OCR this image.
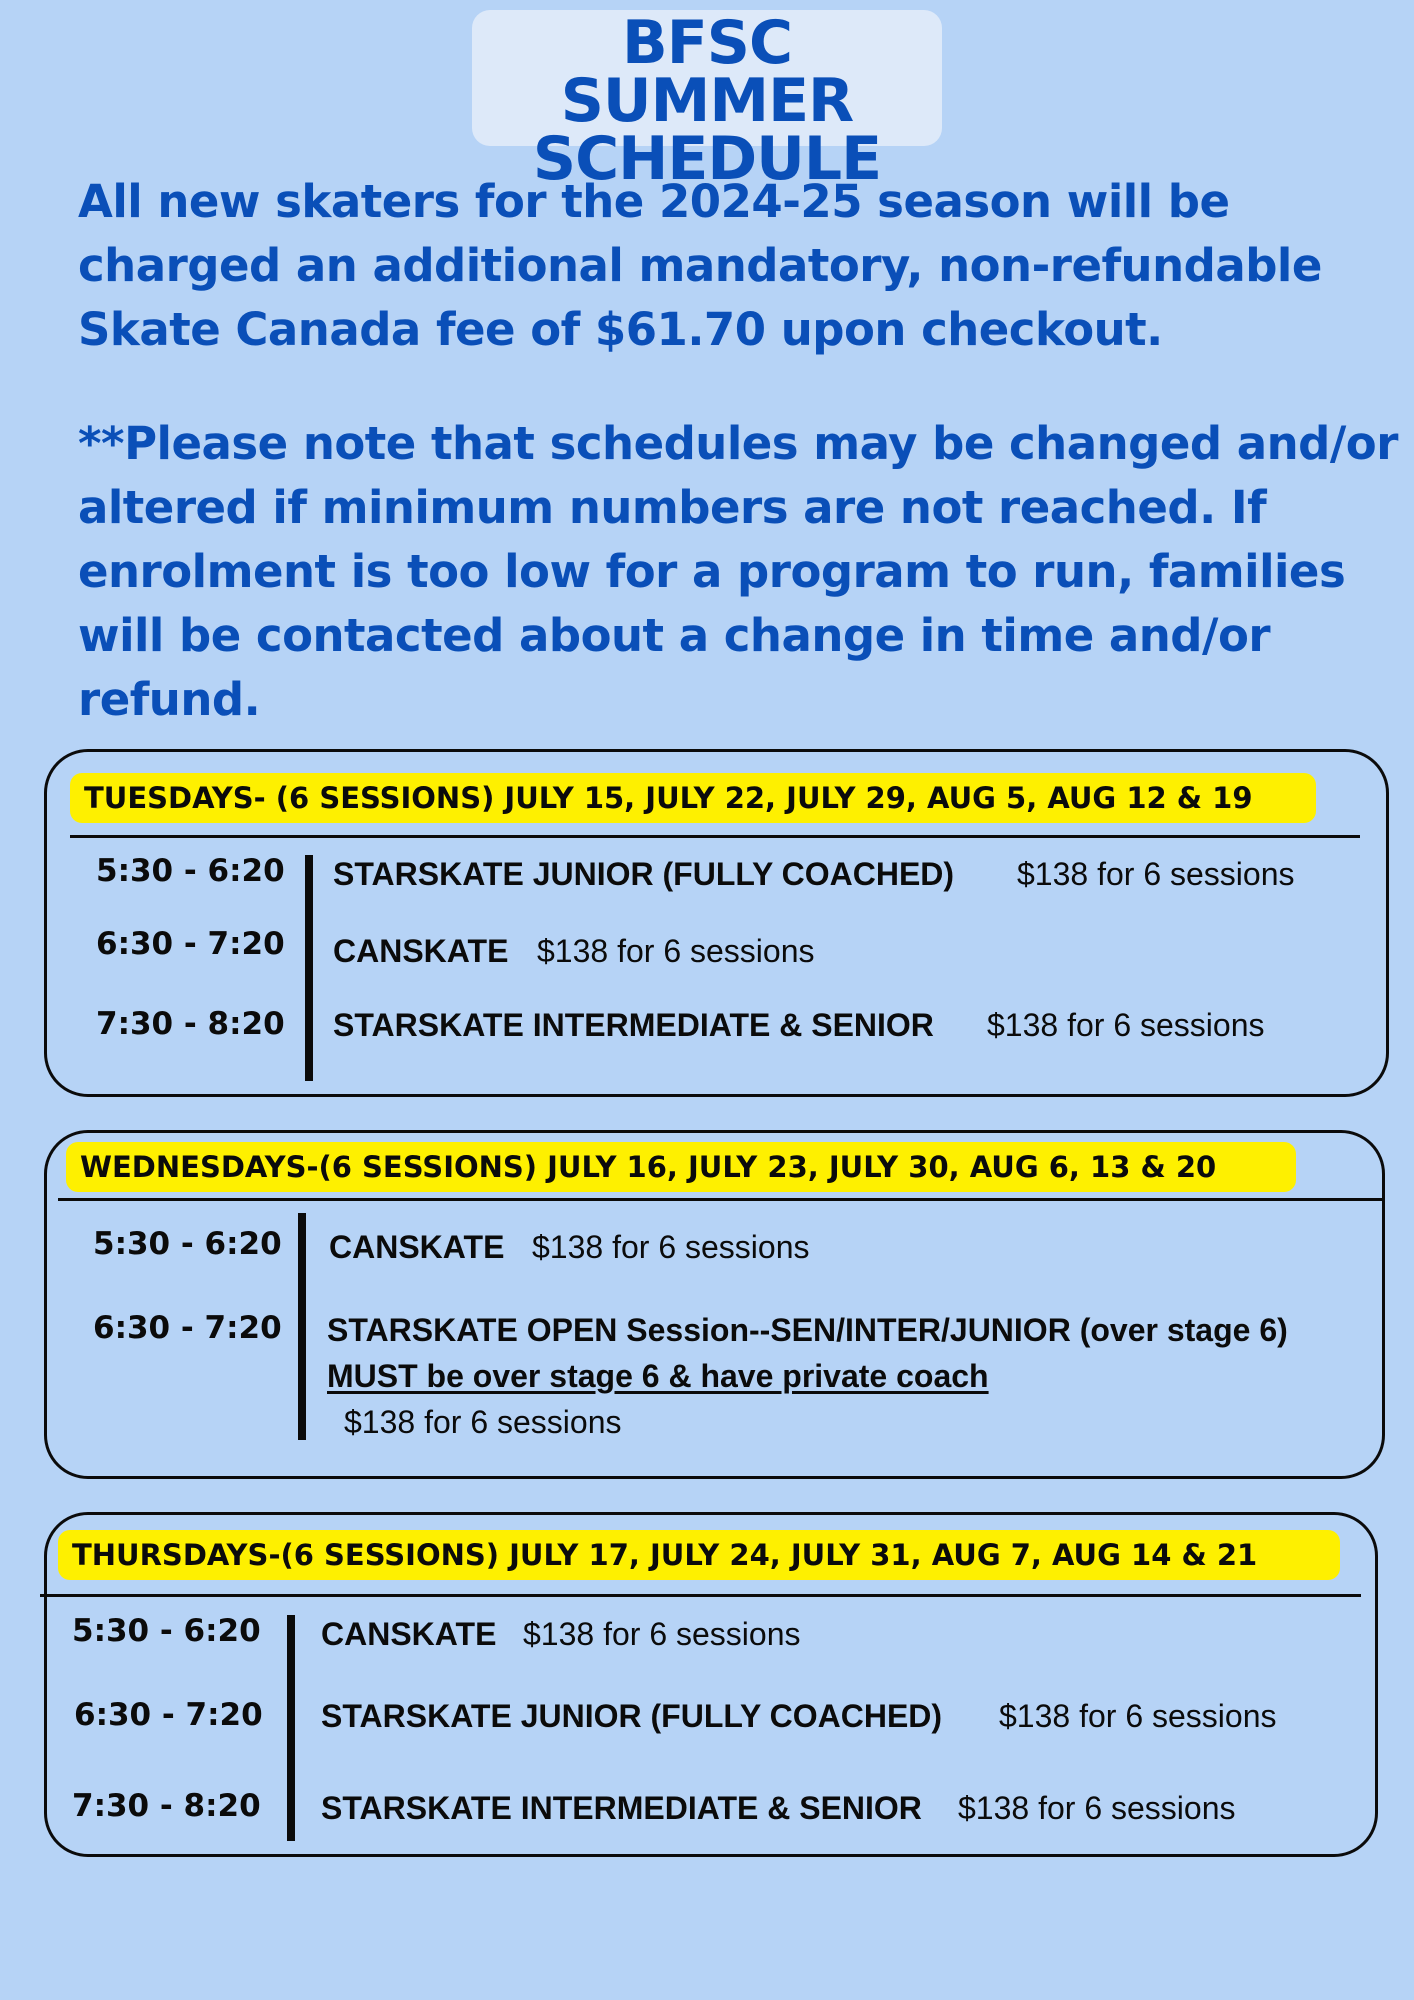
BFSC SUMMER
SCHEDULE
All new skaters for the 2024-25 season will be
charged an additional mandatory, non-refundable
Skate Canada fee of $61.70 upon checkout.
**Please note that schedules may be changed and/or
altered if minimum numbers are not reached. If
enrolment is too low for a program to run, families
will be contacted about a change in time and/or
refund.
TUESDAYS- (6 SESSIONS) JULY 15, JULY 22, JULY 29, AUG 5, AUG 12 & 19
5:30 - 6:20 STARSKATE JUNIOR (FULLY COACHED) $138 for 6 sessions
6:30 - 7:20 CANSKATE $138 for 6 sessions
7:30 - 8:20 STARSKATE INTERMEDIATE & SENIOR $138 for 6 sessions
WEDNESDAYS-(6 SESSIONS) JULY 16, JULY 23, JULY 30, AUG 6, 13 & 20
5:30 - 6:20 CANSKATE $138 for 6 sessions
6:30 - 7:20 STARSKATE OPEN Session--SEN/INTER/JUNIOR (over stage 6)
MUST be over stage 6 & have private coach
$138 for 6 sessions
THURSDAYS-(6 SESSIONS) JULY 17, JULY 24, JULY 31, AUG 7, AUG 14 & 21
5:30 - 6:20 CANSKATE $138 for 6 sessions
6:30 - 7:20 STARSKATE JUNIOR (FULLY COACHED) $138 for 6 sessions
7:30 - 8:20 STARSKATE INTERMEDIATE & SENIOR $138 for 6 sessions
